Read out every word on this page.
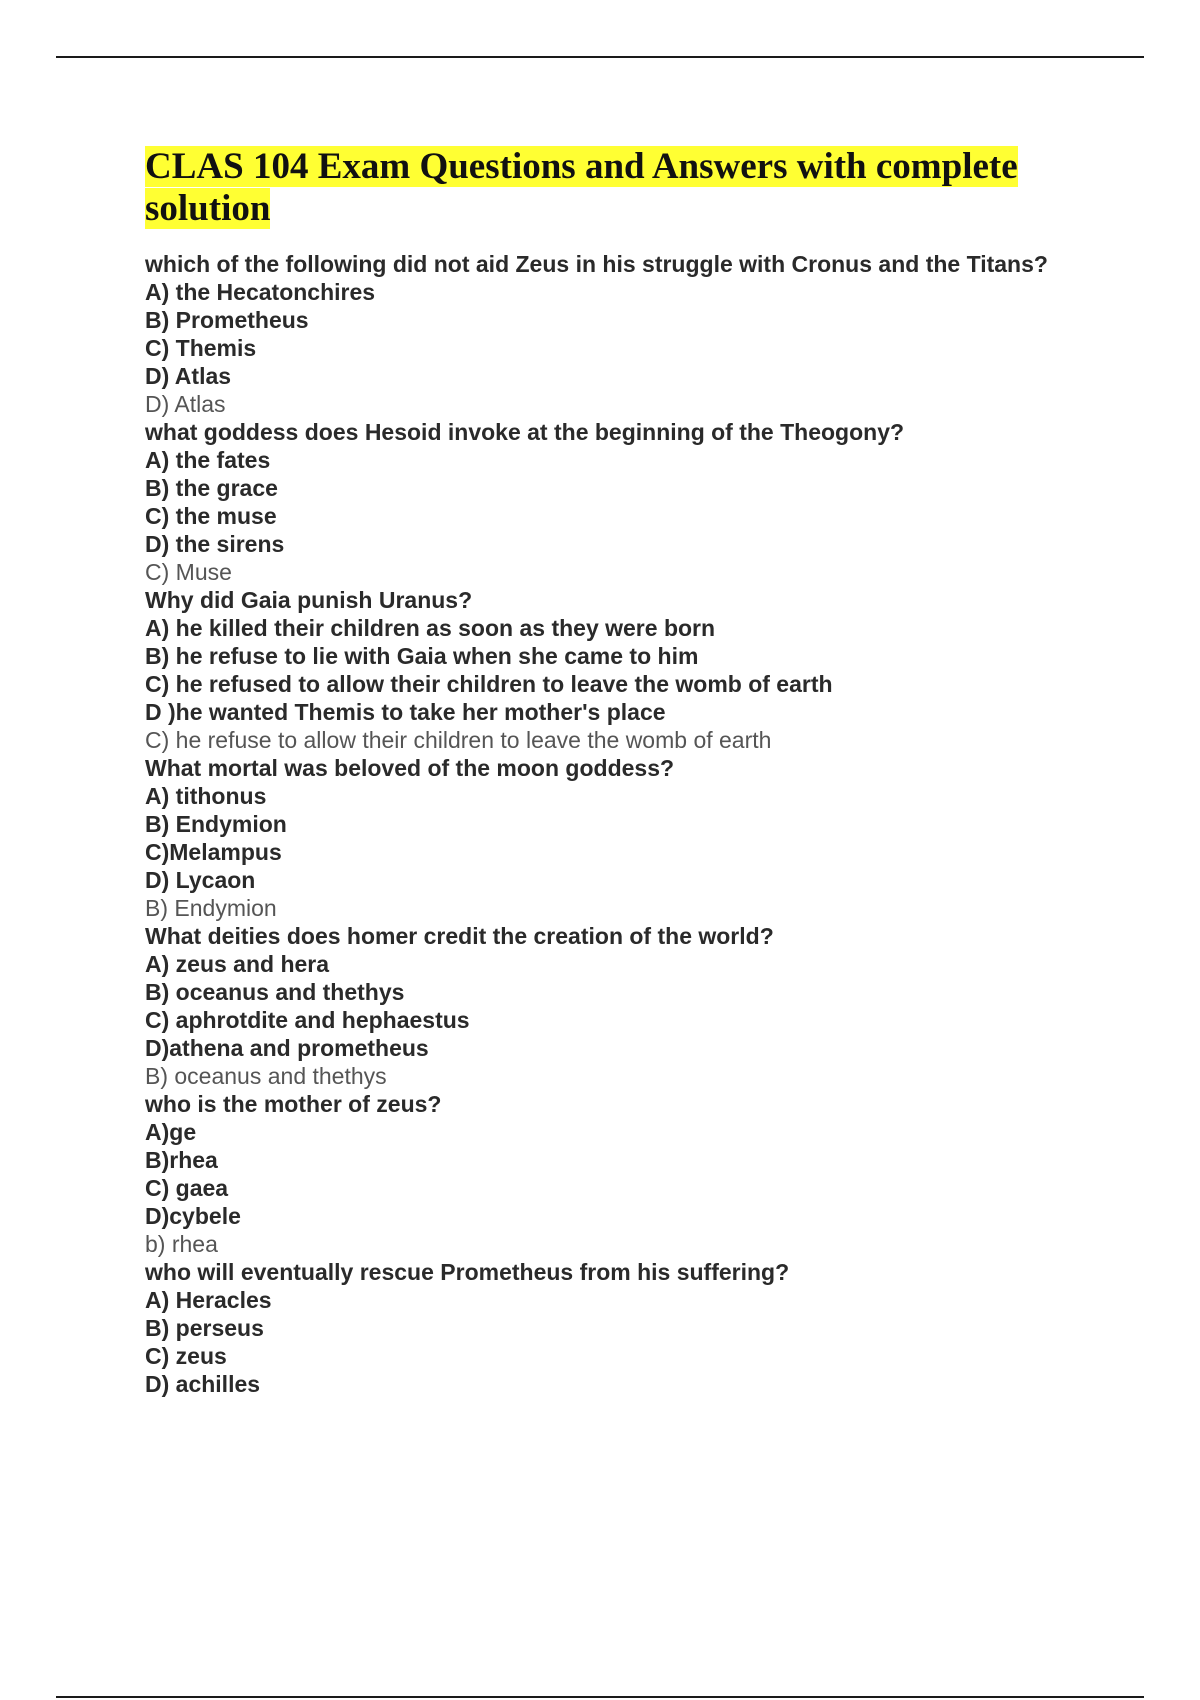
CLAS 104 Exam Questions and Answers with complete solution
which of the following did not aid Zeus in his struggle with Cronus and the Titans?
A) the Hecatonchires
B) Prometheus
C) Themis
D) Atlas
D) Atlas
what goddess does Hesoid invoke at the beginning of the Theogony?
A) the fates
B) the grace
C) the muse
D) the sirens
C) Muse
Why did Gaia punish Uranus?
A) he killed their children as soon as they were born
B) he refuse to lie with Gaia when she came to him
C) he refused to allow their children to leave the womb of earth
D )he wanted Themis to take her mother's place
C) he refuse to allow their children to leave the womb of earth
What mortal was beloved of the moon goddess?
A) tithonus
B) Endymion
C)Melampus
D) Lycaon
B) Endymion
What deities does homer credit the creation of the world?
A) zeus and hera
B) oceanus and thethys
C) aphrotdite and hephaestus
D)athena and prometheus
B) oceanus and thethys
who is the mother of zeus?
A)ge
B)rhea
C) gaea
D)cybele
b) rhea
who will eventually rescue Prometheus from his suffering?
A) Heracles
B) perseus
C) zeus
D) achilles
